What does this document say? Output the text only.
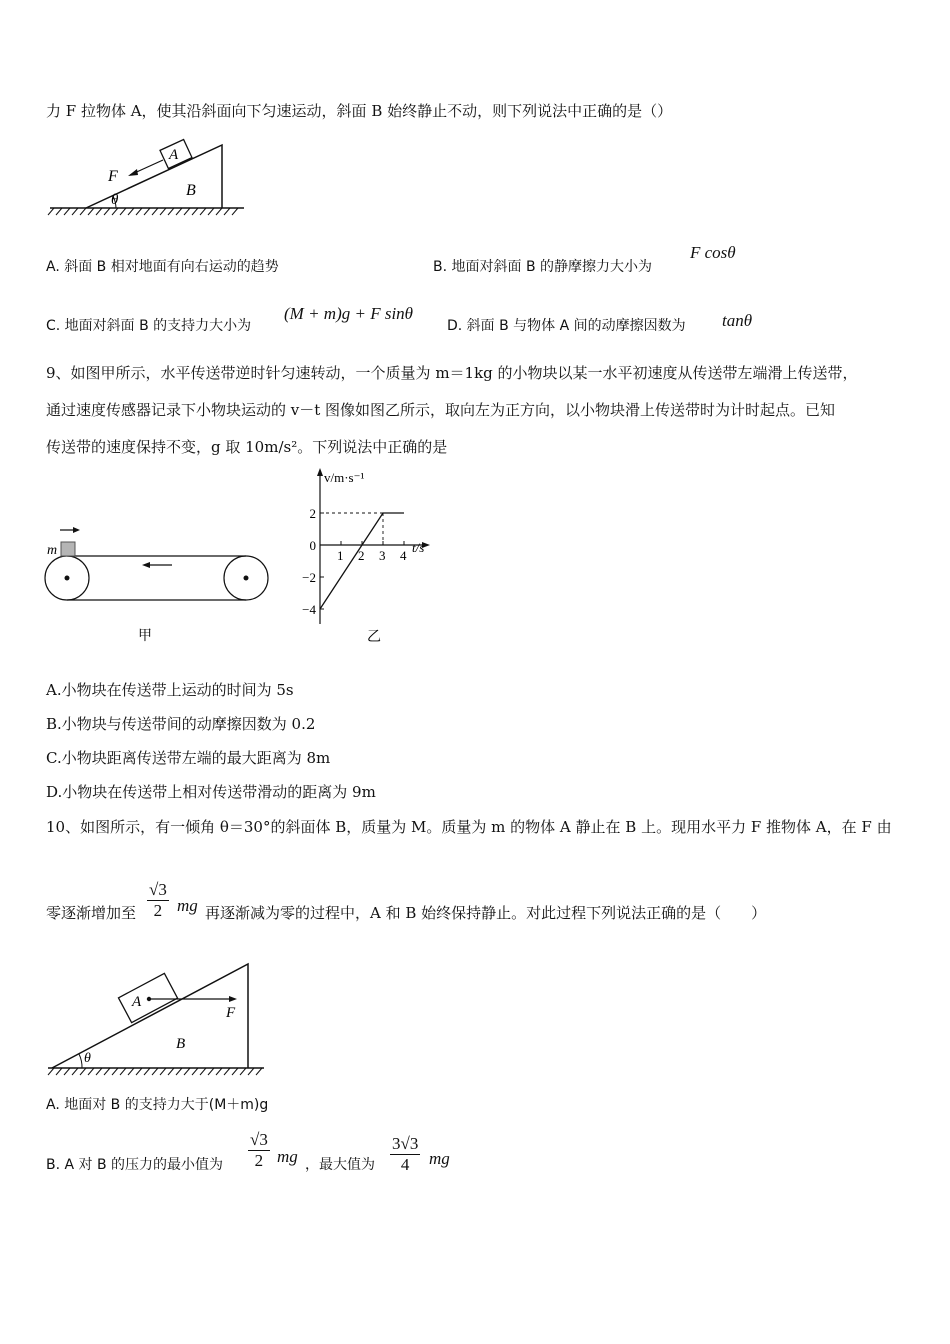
力 F 拉物体 A，使其沿斜面向下匀速运动，斜面 B 始终静止不动，则下列说法中正确的是（）
A
F
B
θ
A. 斜面 B 相对地面有向右运动的趋势	B. 地面对斜面 B 的静摩擦力大小为
F cosθ
C. 地面对斜面 B 的支持力大小为
(M + m)g + F sinθ
D. 斜面 B 与物体 A 间的动摩擦因数为 tanθ
9、如图甲所示，水平传送带逆时针匀速转动，一个质量为 m＝1kg 的小物块以某一水平初速度从传送带左端滑上传送带，
通过速度传感器记录下小物块运动的 v－t 图像如图乙所示，取向左为正方向，以小物块滑上传送带时为计时起点。已知
传送带的速度保持不变，g 取 10m/s²。下列说法中正确的是
m
甲
2
0
−2
−4
1 2 3 4
v/m·s⁻¹
t/s
乙
A.小物块在传送带上运动的时间为 5s
B.小物块与传送带间的动摩擦因数为 0.2
C.小物块距离传送带左端的最大距离为 8m
D.小物块在传送带上相对传送带滑动的距离为 9m
10、如图所示，有一倾角 θ＝30°的斜面体 B，质量为 M。质量为 m 的物体 A 静止在 B 上。现用水平力 F 推物体 A，在 F 由
零逐渐增加至 $\frac{√3}{2}$ mg 再逐渐减为零的过程中，A 和 B 始终保持静止。对此过程下列说法正确的是（　　）
A
F
B
θ
A. 地面对 B 的支持力大于(M＋m)g
B. A 对 B 的压力的最小值为 $\frac{√3}{2}$ mg ，最大值为 $\frac{3√3}{4}$ mg
